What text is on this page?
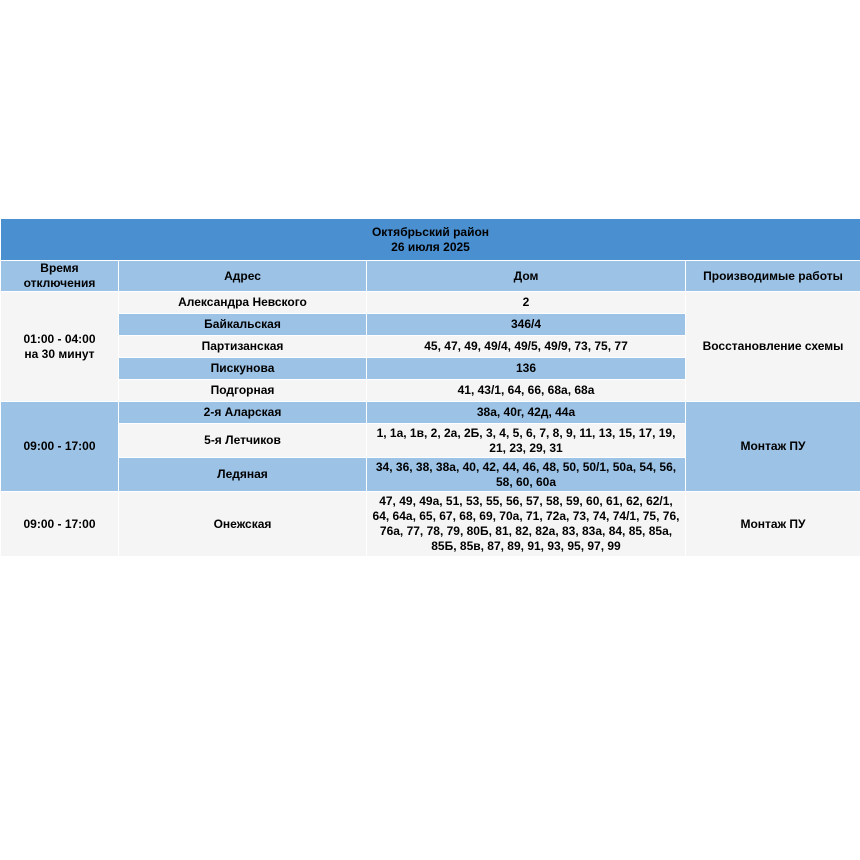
Октябрьский район
26 июля 2025			

Время отключения	Адрес	Дом	Производимые работы

01:00 - 04:00
на 30 минут	Александра Невского	2	Восстановление схемы
	Байкальская	346/4	
	Партизанская	45, 47, 49, 49/4, 49/5, 49/9, 73, 75, 77	
	Пискунова	136	
	Подгорная	41, 43/1, 64, 66, 68а, 68а	
09:00 - 17:00	2-я Аларская	38а, 40г, 42д, 44а	Монтаж ПУ
	5-я Летчиков	1, 1а, 1в, 2, 2а, 2Б, 3, 4, 5, 6, 7, 8, 9, 11, 13, 15, 17, 19, 21, 23, 29, 31	
	Ледяная	34, 36, 38, 38а, 40, 42, 44, 46, 48, 50, 50/1, 50а, 54, 56, 58, 60, 60а	
09:00 - 17:00	Онежская	47, 49, 49а, 51, 53, 55, 56, 57, 58, 59, 60, 61, 62, 62/1, 64, 64а, 65, 67, 68, 69, 70а, 71, 72а, 73, 74, 74/1, 75, 76, 76а, 77, 78, 79, 80Б, 81, 82, 82а, 83, 83а, 84, 85, 85а, 85Б, 85в, 87, 89, 91, 93, 95, 97, 99	Монтаж ПУ
